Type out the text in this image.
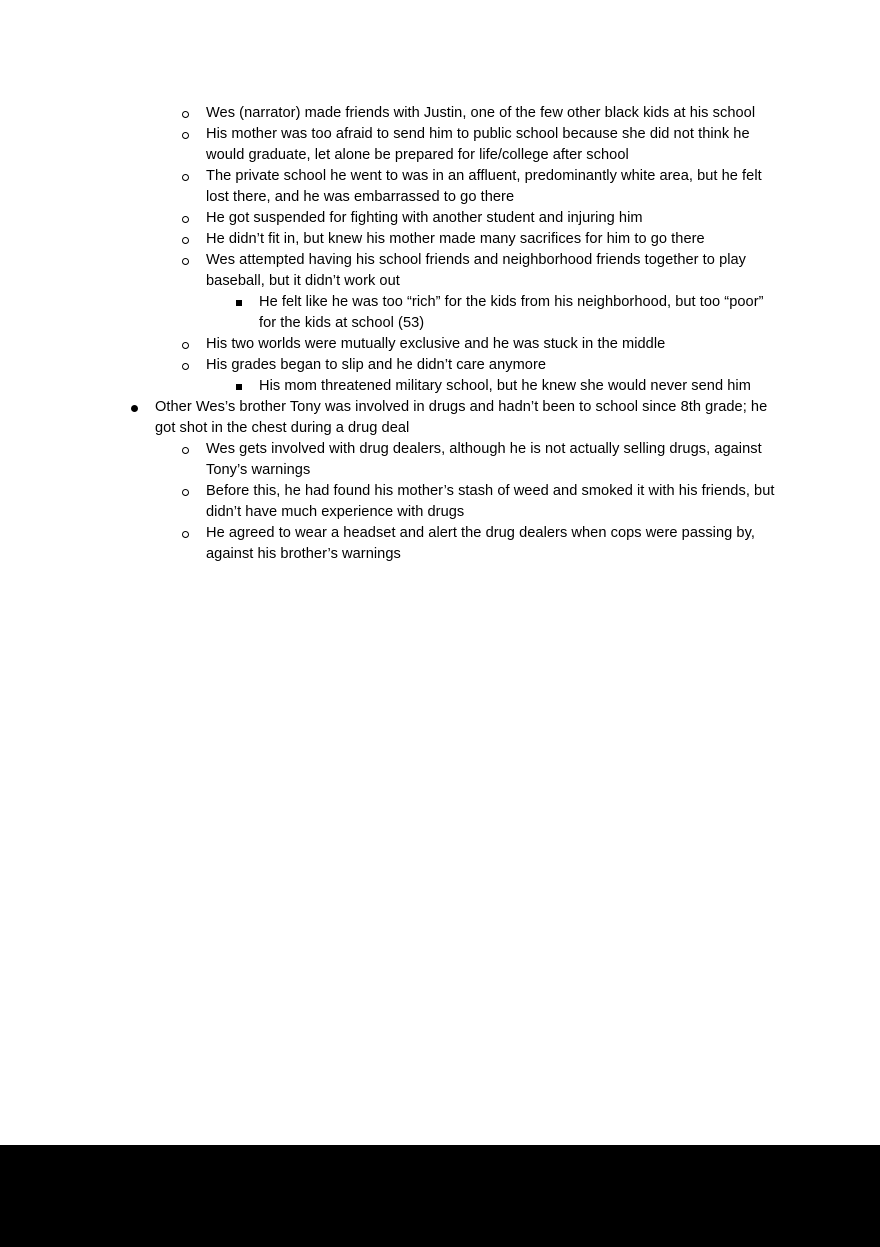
Wes (narrator) made friends with Justin, one of the few other black kids at his school
His mother was too afraid to send him to public school because she did not think he would graduate, let alone be prepared for life/college after school
The private school he went to was in an affluent, predominantly white area, but he felt lost there, and he was embarrassed to go there
He got suspended for fighting with another student and injuring him
He didn’t fit in, but knew his mother made many sacrifices for him to go there
Wes attempted having his school friends and neighborhood friends together to play baseball, but it didn’t work out
He felt like he was too “rich” for the kids from his neighborhood, but too “poor” for the kids at school (53)
His two worlds were mutually exclusive and he was stuck in the middle
His grades began to slip and he didn’t care anymore
His mom threatened military school, but he knew she would never send him
Other Wes’s brother Tony was involved in drugs and hadn’t been to school since 8th grade; he got shot in the chest during a drug deal
Wes gets involved with drug dealers, although he is not actually selling drugs, against Tony’s warnings
Before this, he had found his mother’s stash of weed and smoked it with his friends, but didn’t have much experience with drugs
He agreed to wear a headset and alert the drug dealers when cops were passing by, against his brother’s warnings
